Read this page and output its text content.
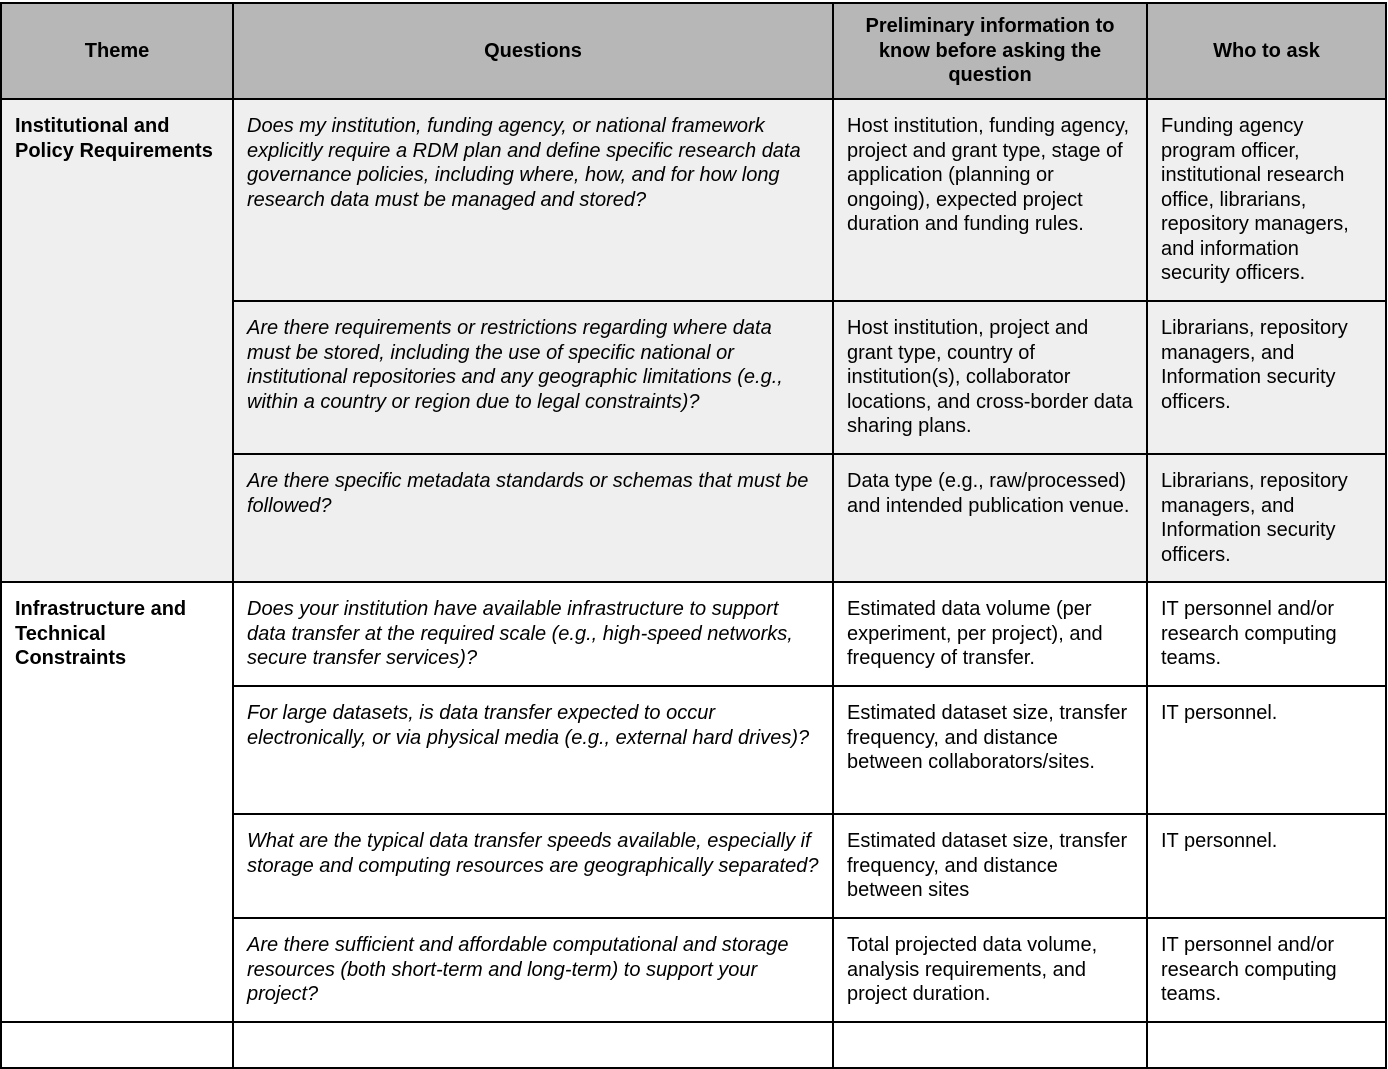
Theme	Questions	Preliminary information to know before asking the question	Who to ask
Institutional and Policy Requirements	Does my institution, funding agency, or national framework explicitly require a RDM plan and define specific research data governance policies, including where, how, and for how long research data must be managed and stored?	Host institution, funding agency, project and grant type, stage of application (planning or ongoing), expected project duration and funding rules.	Funding agency program officer, institutional research office, librarians, repository managers, and information security officers.
	Are there requirements or restrictions regarding where data must be stored, including the use of specific national or institutional repositories and any geographic limitations (e.g., within a country or region due to legal constraints)?	Host institution, project and grant type, country of institution(s), collaborator locations, and cross-border data sharing plans.	Librarians, repository managers, and Information security officers.
	Are there specific metadata standards or schemas that must be followed?	Data type (e.g., raw/processed) and intended publication venue.	Librarians, repository managers, and Information security officers.
Infrastructure and Technical Constraints	Does your institution have available infrastructure to support data transfer at the required scale (e.g., high-speed networks, secure transfer services)?	Estimated data volume (per experiment, per project), and frequency of transfer.	IT personnel and/or research computing teams.
	For large datasets, is data transfer expected to occur electronically, or via physical media (e.g., external hard drives)?	Estimated dataset size, transfer frequency, and distance between collaborators/sites.	IT personnel.
	What are the typical data transfer speeds available, especially if storage and computing resources are geographically separated?	Estimated dataset size, transfer frequency, and distance between sites	IT personnel.
	Are there sufficient and affordable computational and storage resources (both short-term and long-term) to support your project?	Total projected data volume, analysis requirements, and project duration.	IT personnel and/or research computing teams.
